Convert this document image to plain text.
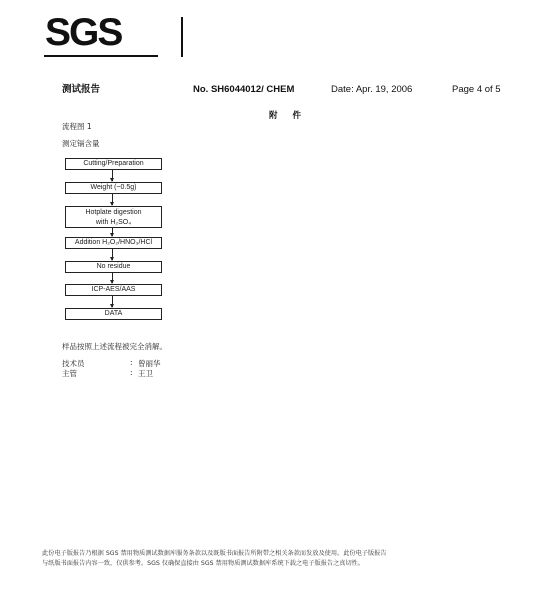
SGS
测试报告	No. SH6044012/ CHEM	Date: Apr. 19, 2006	Page 4 of 5
附 件
流程图 1
测定镉含量
Cutting/Preparation
Weight (~0.5g)
Hotplate digestion
with H₂SO₄
Addition H₂O₂/HNO₃/HCl
No residue
ICP-AES/AAS
DATA
样品按照上述流程被完全消解。
技术员	: 曾丽华
主管	: 王卫
此份电子版报告乃根据 SGS 禁用物质测试数据库服务条款以及既版书面报告所附带之相关条款而发放及使用。此份电子版报告
与纸版书面报告内容一致，仅供参考。SGS 仅确保直接由 SGS 禁用物质测试数据库系统下载之电子版报告之真切性。
